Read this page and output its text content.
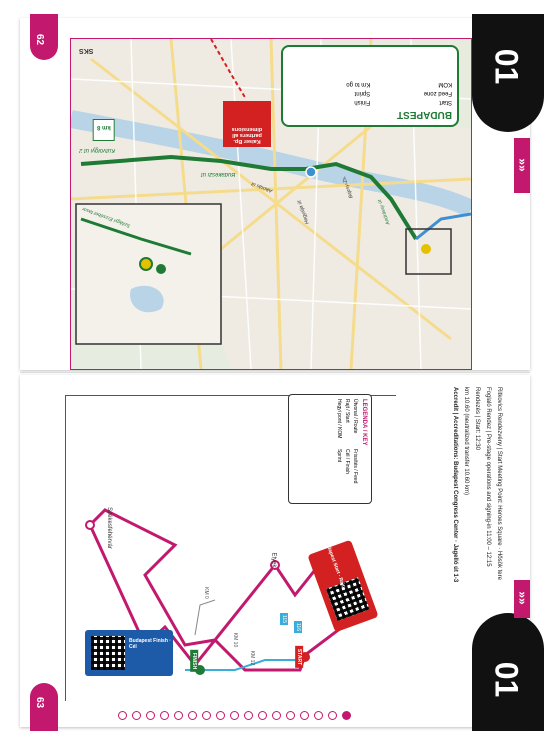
62
01
»»
Kútvölgyi út 2
Budakeszi út
Alkotás út
Hegyalja út
Szilágyi Erzsébet fasor	Andrássy út
Bajcsy-Zs.
SKS
km 8
Kaiser Bp. partners all dimensions
BUDAPEST
Start
Finish
Feed zone
Sprint
KOM
Km to go
63
01
»»
Székesfehérvár
Etyek
KM 0
KM 10
KM 12
115
116
START
FINISH
Budapest Start · Rajt
Budapest Finish · Cél
LEGENDA / KEY
Útvonal / Route
Frissítés / Feed
Rajt / Start
Cél / Finish
Hegyi pont / KOM
Sprint	Ritkovics Rendezvény | Start Meeting Point: Heroes Square · Hősök tere
Foglaló Rendez | Pre-stage operations and signing-in 11:00 – 12:15
Rendezés | Start: 12:30
km 10.60 (neutralized transfer 10.60 km)
Accredit | Accreditations: Budapest Congress Center · Jagelló út 1-3
